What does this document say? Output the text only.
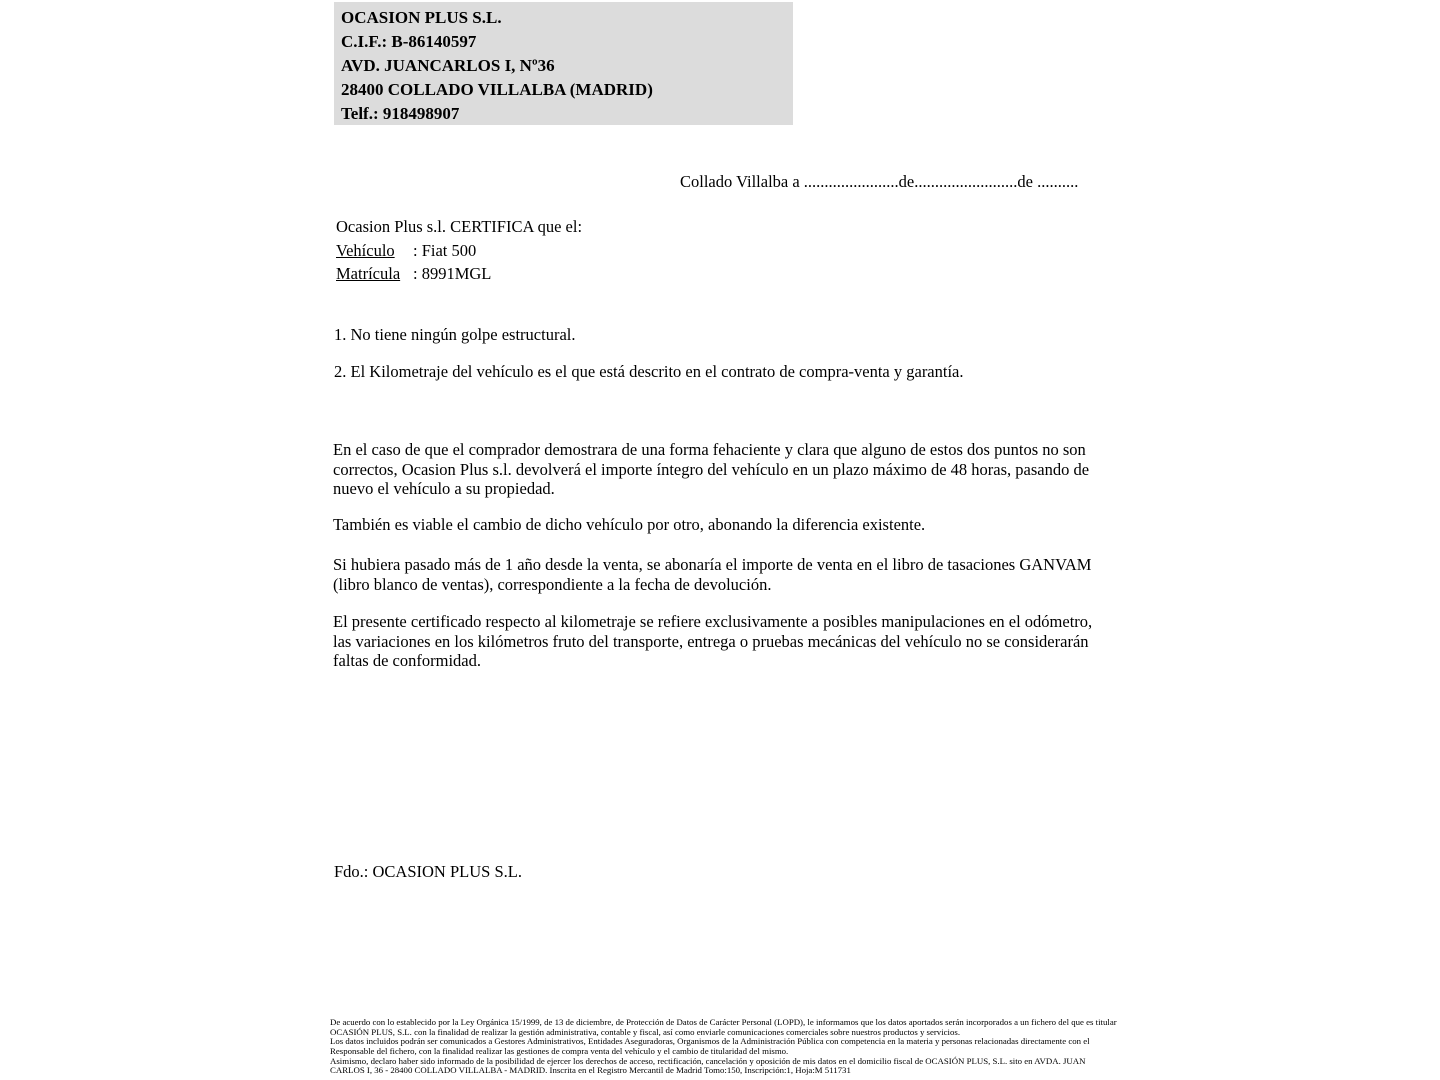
OCASION PLUS S.L.
C.I.F.: B-86140597
AVD. JUANCARLOS I, Nº36
28400 COLLADO VILLALBA (MADRID)
Telf.: 918498907
Collado Villalba a .......................de.........................de ..........
Ocasion Plus s.l. CERTIFICA que el:
Vehículo : Fiat 500
Matrícula : 8991MGL
1. No tiene ningún golpe estructural.
2. El Kilometraje del vehículo es el que está descrito en el contrato de compra-venta y garantía.
En el caso de que el comprador demostrara de una forma fehaciente y clara que alguno de estos dos puntos no son correctos, Ocasion Plus s.l. devolverá el importe íntegro del vehículo en un plazo máximo de 48 horas, pasando de nuevo el vehículo a su propiedad.
También es viable el cambio de dicho vehículo por otro, abonando la diferencia existente.
Si hubiera pasado más de 1 año desde la venta, se abonaría el importe de venta en el libro de tasaciones GANVAM (libro blanco de ventas), correspondiente a la fecha de devolución.
El presente certificado respecto al kilometraje se refiere exclusivamente a posibles manipulaciones en el odómetro, las variaciones en los kilómetros fruto del transporte, entrega o pruebas mecánicas del vehículo no se considerarán faltas de conformidad.
Fdo.: OCASION PLUS S.L.
De acuerdo con lo establecido por la Ley Orgánica 15/1999, de 13 de diciembre, de Protección de Datos de Carácter Personal (LOPD), le informamos que los datos aportados serán incorporados a un fichero del que es titular
OCASIÓN PLUS, S.L. con la finalidad de realizar la gestión administrativa, contable y fiscal, así como enviarle comunicaciones comerciales sobre nuestros productos y servicios.
Los datos incluidos podrán ser comunicados a Gestores Administrativos, Entidades Aseguradoras, Organismos de la Administración Pública con competencia en la materia y personas relacionadas directamente con el
Responsable del fichero, con la finalidad realizar las gestiones de compra venta del vehículo y el cambio de titularidad del mismo.
Asimismo, declaro haber sido informado de la posibilidad de ejercer los derechos de acceso, rectificación, cancelación y oposición de mis datos en el domicilio fiscal de OCASIÓN PLUS, S.L. sito en AVDA. JUAN
CARLOS I, 36 - 28400 COLLADO VILLALBA - MADRID. Inscrita en el Registro Mercantil de Madrid Tomo:150, Inscripción:1, Hoja:M 511731
